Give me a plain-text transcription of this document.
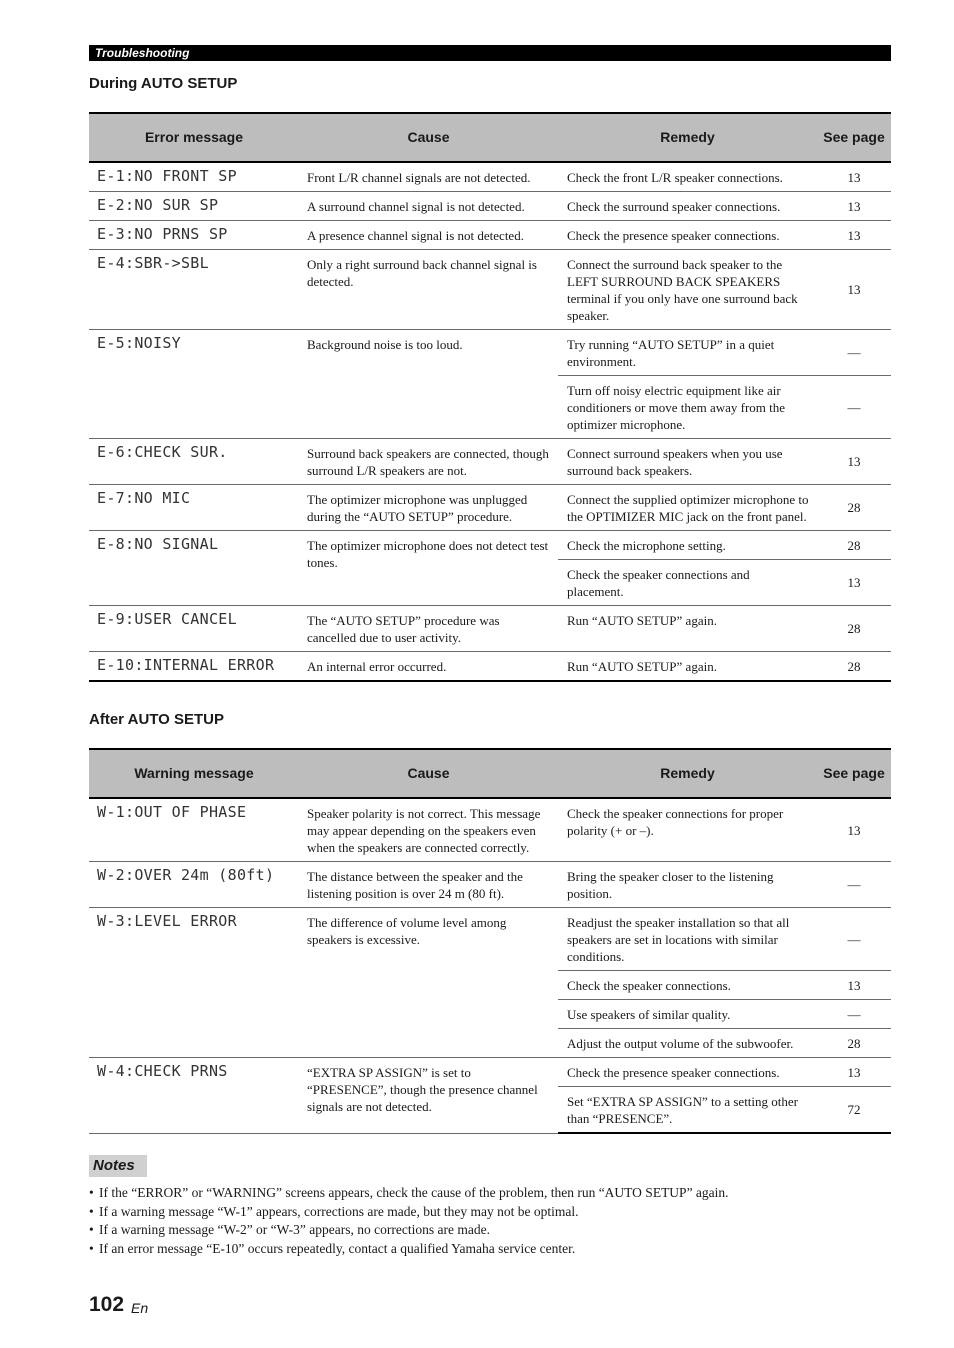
Troubleshooting
During AUTO SETUP
Error message	Cause	Remedy	See page
E-1:NO FRONT SP	Front L/R channel signals are not detected.	Check the front L/R speaker connections.	13
E-2:NO SUR SP	A surround channel signal is not detected.	Check the surround speaker connections.	13
E-3:NO PRNS SP	A presence channel signal is not detected.	Check the presence speaker connections.	13
E-4:SBR->SBL	Only a right surround back channel signal is detected.	Connect the surround back speaker to the LEFT SURROUND BACK SPEAKERS terminal if you only have one surround back speaker.	13
E-5:NOISY	Background noise is too loud.	Try running “AUTO SETUP” in a quiet environment.	—
		Turn off noisy electric equipment like air conditioners or move them away from the optimizer microphone.	—
E-6:CHECK SUR.	Surround back speakers are connected, though surround L/R speakers are not.	Connect surround speakers when you use surround back speakers.	13
E-7:NO MIC	The optimizer microphone was unplugged during the “AUTO SETUP” procedure.	Connect the supplied optimizer microphone to the OPTIMIZER MIC jack on the front panel.	28
E-8:NO SIGNAL	The optimizer microphone does not detect test tones.	Check the microphone setting.	28
		Check the speaker connections and placement.	13
E-9:USER CANCEL	The “AUTO SETUP” procedure was cancelled due to user activity.	Run “AUTO SETUP” again.	28
E-10:INTERNAL ERROR	An internal error occurred.	Run “AUTO SETUP” again.	28
After AUTO SETUP
Warning message	Cause	Remedy	See page
W-1:OUT OF PHASE	Speaker polarity is not correct. This message may appear depending on the speakers even when the speakers are connected correctly.	Check the speaker connections for proper polarity (+ or –).	13
W-2:OVER 24m (80ft)	The distance between the speaker and the listening position is over 24 m (80 ft).	Bring the speaker closer to the listening position.	—
W-3:LEVEL ERROR	The difference of volume level among speakers is excessive.	Readjust the speaker installation so that all speakers are set in locations with similar conditions.	—
		Check the speaker connections.	13
		Use speakers of similar quality.	—
		Adjust the output volume of the subwoofer.	28
W-4:CHECK PRNS	“EXTRA SP ASSIGN” is set to “PRESENCE”, though the presence channel signals are not detected.	Check the presence speaker connections.	13
		Set “EXTRA SP ASSIGN” to a setting other than “PRESENCE”.	72
Notes
• If the “ERROR” or “WARNING” screens appears, check the cause of the problem, then run “AUTO SETUP” again.
• If a warning message “W-1” appears, corrections are made, but they may not be optimal.
• If a warning message “W-2” or “W-3” appears, no corrections are made.
• If an error message “E-10” occurs repeatedly, contact a qualified Yamaha service center.
102 En
